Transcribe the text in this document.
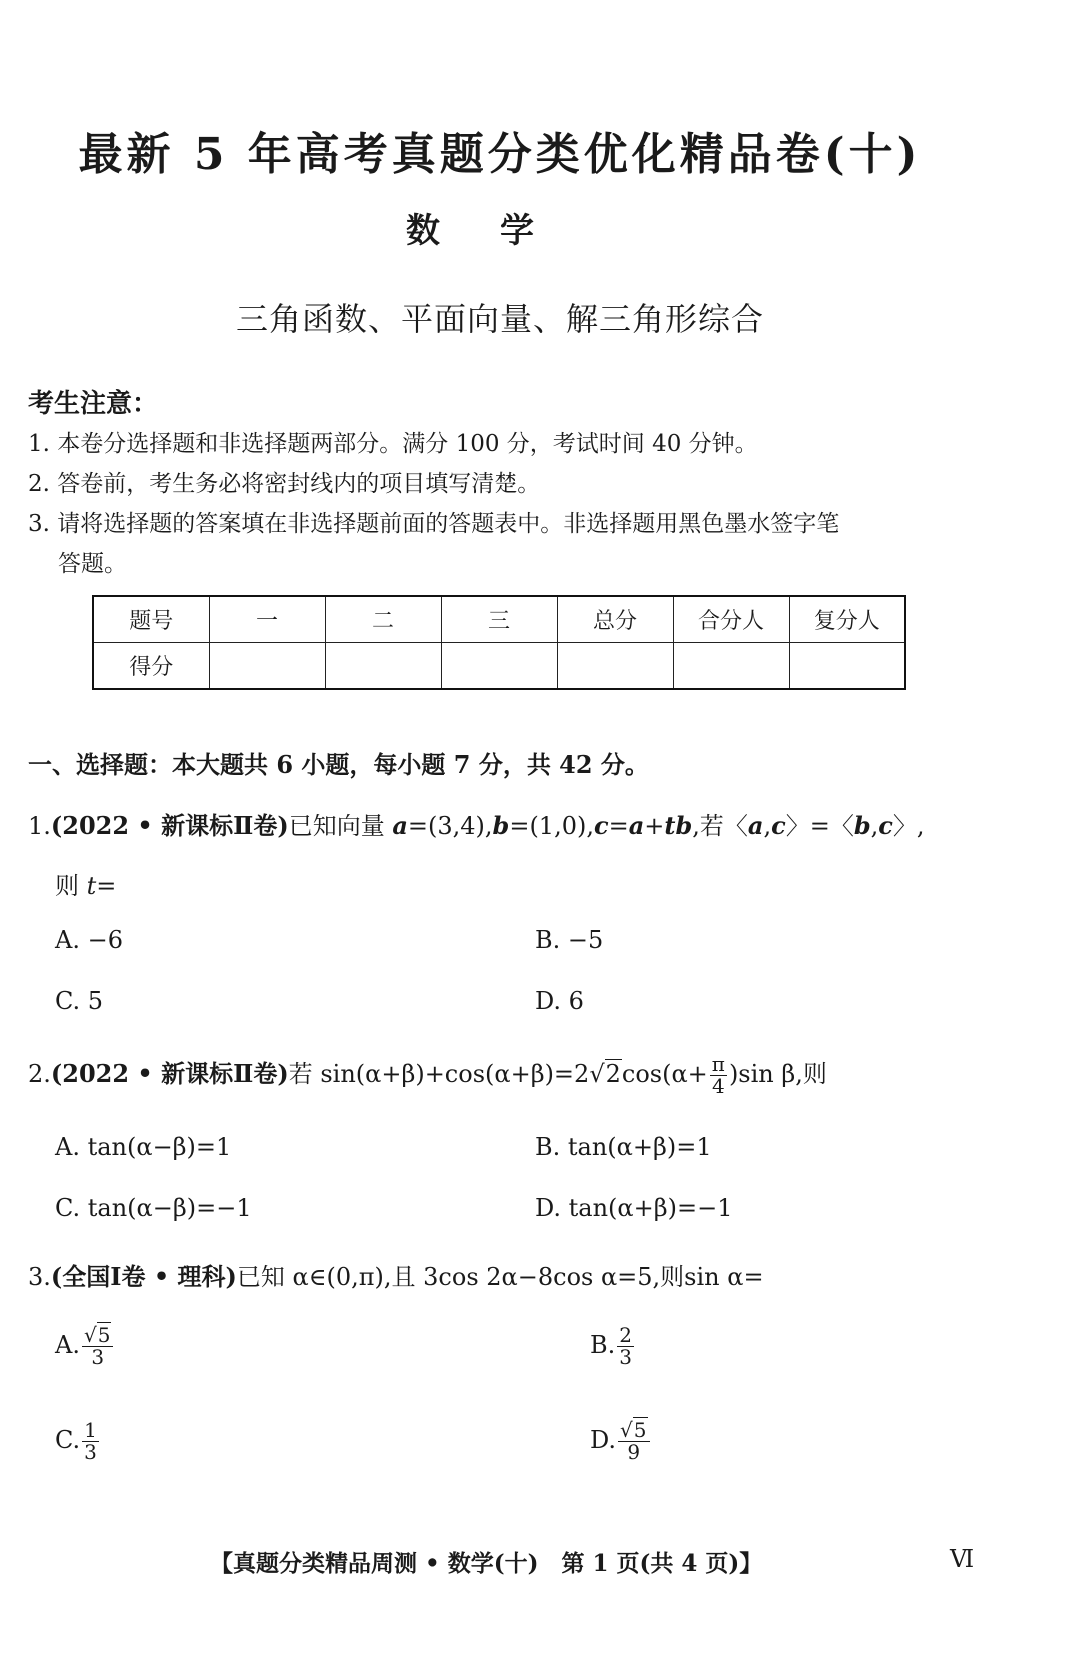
最新 5 年高考真题分类优化精品卷(十)
数学
三角函数、平面向量、解三角形综合
考生注意：
1. 本卷分选择题和非选择题两部分。满分 100 分，考试时间 40 分钟。
2. 答卷前，考生务必将密封线内的项目填写清楚。
3. 请将选择题的答案填在非选择题前面的答题表中。非选择题用黑色墨水签字笔
答题。
题号	一	二	三	总分	合分人	复分人
得分						
一、选择题：本大题共 6 小题，每小题 7 分，共 42 分。
1.(2022 • 新课标Ⅱ卷)已知向量 a=(3,4),b=(1,0),c=a+tb,若〈a,c〉=〈b,c〉,
则 t=
A. −6	B. −5
C. 5	D. 6
2.(2022 • 新课标Ⅱ卷)若 $\sin(\alpha+\beta)+\cos(\alpha+\beta)=2√2\cos(\alpha+ \frac{\pi}{4} )\sin$ β,则
A. tan(α−β)=1	B. tan(α+β)=1
C. tan(α−β)=−1	D. tan(α+β)=−1
3.(全国Ⅰ卷 • 理科)已知 α∈(0,π),且 3cos 2α−8cos α=5,则sin α=
A. $\frac{√5}{3}$	B. $\frac{2}{3}$
C. $\frac{1}{3}$	D. $\frac{√5}{9}$
【真题分类精品周测 • 数学(十)　第 1 页(共 4 页)】	Ⅵ
